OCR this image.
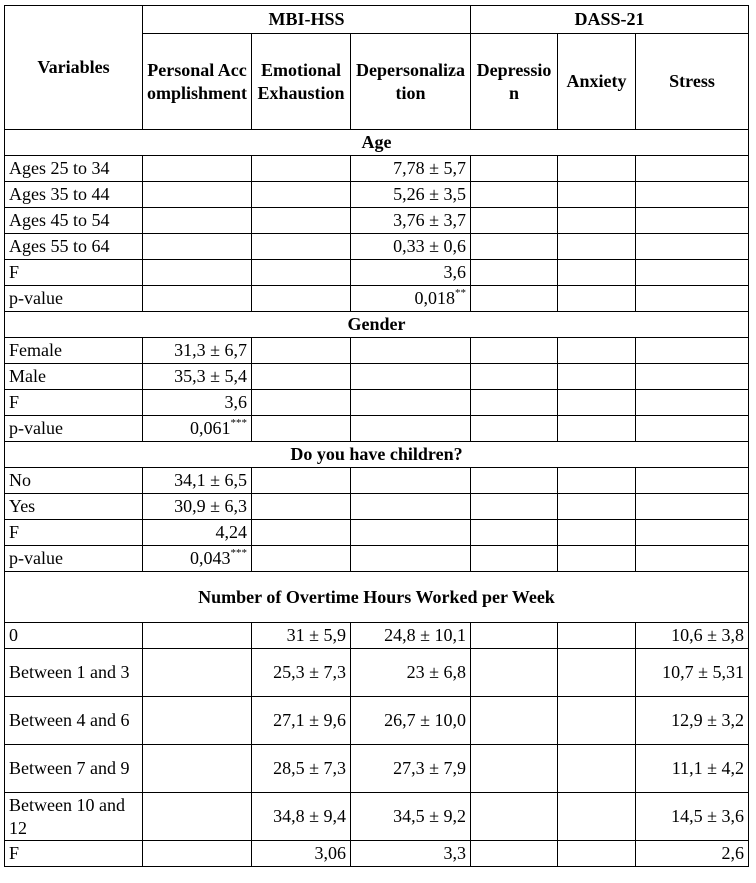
Variables	MBI-HSS			DASS-21		
	Personal Accomplishment	Emotional Exhaustion	Depersonalization	Depression	Anxiety	Stress
Age						
Ages 25 to 34			7,78 ± 5,7			
Ages 35 to 44			5,26 ± 3,5			
Ages 45 to 54			3,76 ± 3,7			
Ages 55 to 64			0,33 ± 0,6			
F			3,6			
p-value			0,018**			
Gender						
Female	31,3 ± 6,7					
Male	35,3 ± 5,4					
F	3,6					
p-value	0,061***					
Do you have children?						
No	34,1 ± 6,5					
Yes	30,9 ± 6,3					
F	4,24					
p-value	0,043***					
Number of Overtime Hours Worked per Week						
0		31 ± 5,9	24,8 ± 10,1			10,6 ± 3,8
Between 1 and 3		25,3 ± 7,3	23 ± 6,8			10,7 ± 5,31
Between 4 and 6		27,1 ± 9,6	26,7 ± 10,0			12,9 ± 3,2
Between 7 and 9		28,5 ± 7,3	27,3 ± 7,9			11,1 ± 4,2
Between 10 and 12		34,8 ± 9,4	34,5 ± 9,2			14,5 ± 3,6
F		3,06	3,3			2,6
